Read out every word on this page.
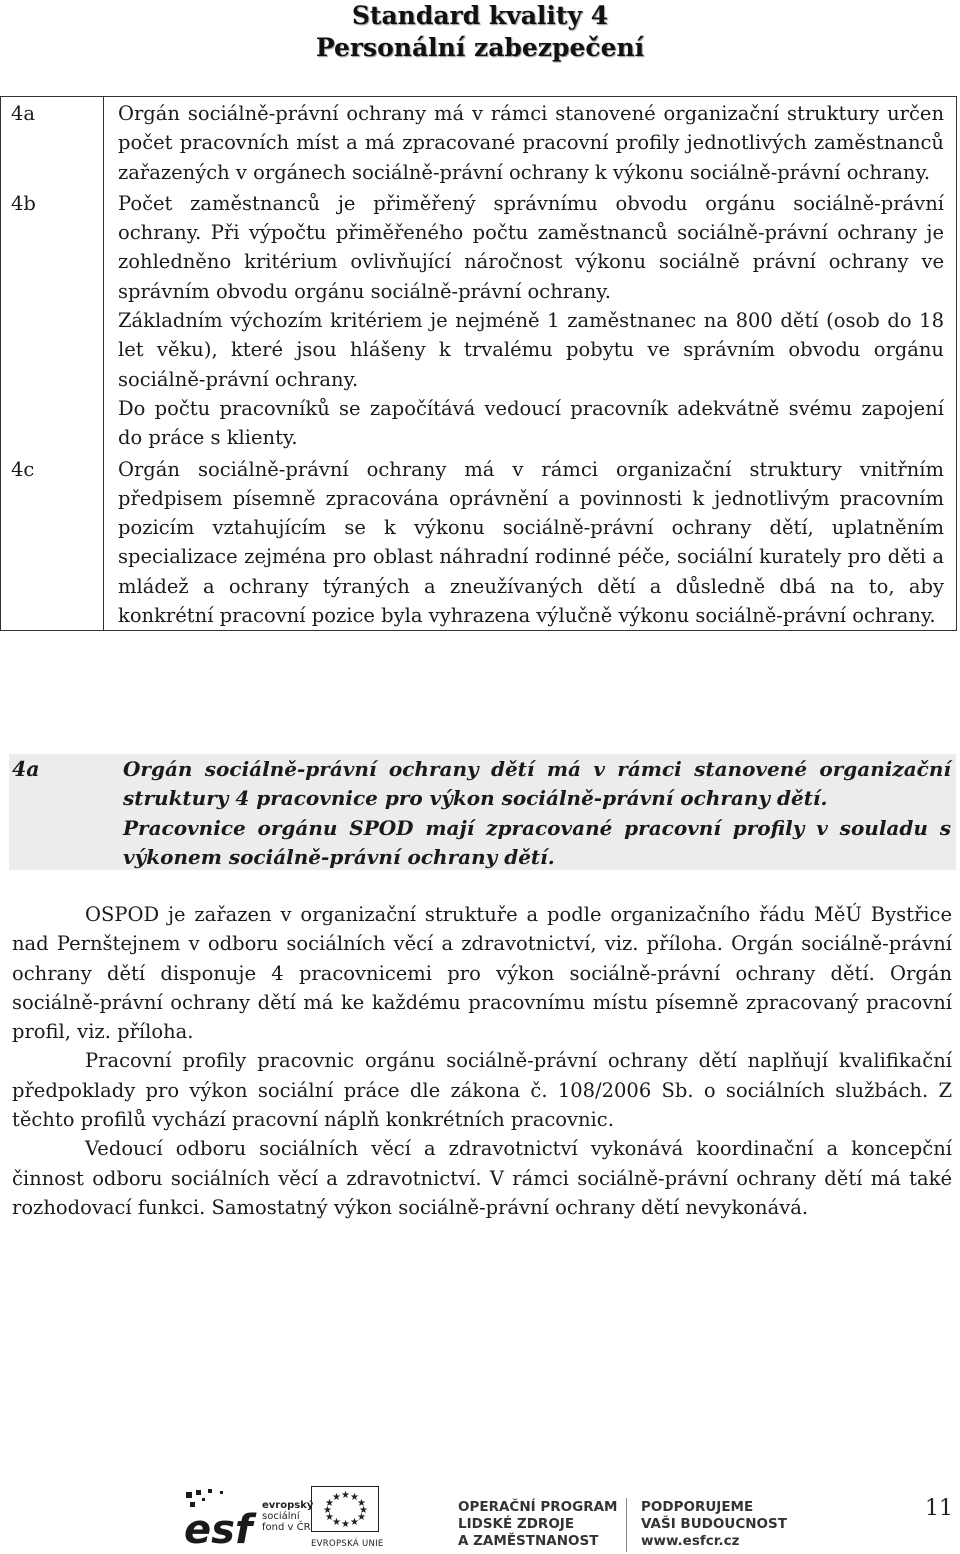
Standard kvality 4
Personální zabezpečení
4a	Orgán sociálně-právní ochrany má v rámci stanovené organizační struktury určen počet pracovních míst a má zpracované pracovní profily jednotlivých zaměstnanců zařazených v orgánech sociálně-právní ochrany k výkonu sociálně-právní ochrany.

4b	Počet zaměstnanců je přiměřený správnímu obvodu orgánu sociálně-právní ochrany. Při výpočtu přiměřeného počtu zaměstnanců sociálně-právní ochrany je zohledněno kritérium ovlivňující náročnost výkonu sociálně právní ochrany ve správním obvodu orgánu sociálně-právní ochrany.

Základním výchozím kritériem je nejméně 1 zaměstnanec na 800 dětí (osob do 18 let věku), které jsou hlášeny k trvalému pobytu ve správním obvodu orgánu sociálně-právní ochrany.

Do počtu pracovníků se započítává vedoucí pracovník adekvátně svému zapojení do práce s klienty.

4c	Orgán sociálně-právní ochrany má v rámci organizační struktury vnitřním předpisem písemně zpracována oprávnění a povinnosti k jednotlivým pracovním pozicím vztahujícím se k výkonu sociálně-právní ochrany dětí, uplatněním specializace zejména pro oblast náhradní rodinné péče, sociální kurately pro děti a mládež a ochrany týraných a zneužívaných dětí a důsledně dbá na to, aby konkrétní pracovní pozice byla vyhrazena výlučně výkonu sociálně-právní ochrany.

4a	Orgán sociálně-právní ochrany dětí má v rámci stanovené organizační struktury 4 pracovnice pro výkon sociálně-právní ochrany dětí.

Pracovnice orgánu SPOD mají zpracované pracovní profily v souladu s výkonem sociálně-právní ochrany dětí.

OSPOD je zařazen v organizační struktuře a podle organizačního řádu MěÚ Bystřice nad Pernštejnem v odboru sociálních věcí a zdravotnictví, viz. příloha. Orgán sociálně-právní ochrany dětí disponuje 4 pracovnicemi pro výkon sociálně-právní ochrany dětí. Orgán sociálně-právní ochrany dětí má ke každému pracovnímu místu písemně zpracovaný pracovní profil, viz. příloha.

Pracovní profily pracovnic orgánu sociálně-právní ochrany dětí naplňují kvalifikační předpoklady pro výkon sociální práce dle zákona č. 108/2006 Sb. o sociálních službách. Z těchto profilů vychází pracovní náplň konkrétních pracovnic.

Vedoucí odboru sociálních věcí a zdravotnictví vykonává koordinační a koncepční činnost odboru sociálních věcí a zdravotnictví. V rámci sociálně-právní ochrany dětí má také rozhodovací funkci. Samostatný výkon sociálně-právní ochrany dětí nevykonává.

esf
evropský
sociální
fond v ČR
★ ★
★
★
★
★
★
★
★
★
★
★
EVROPSKÁ UNIE
OPERAČNÍ PROGRAM
LIDSKÉ ZDROJE
A ZAMĚSTNANOST
PODPORUJEME
VAŠI BUDOUCNOST
www.esfcr.cz
11
